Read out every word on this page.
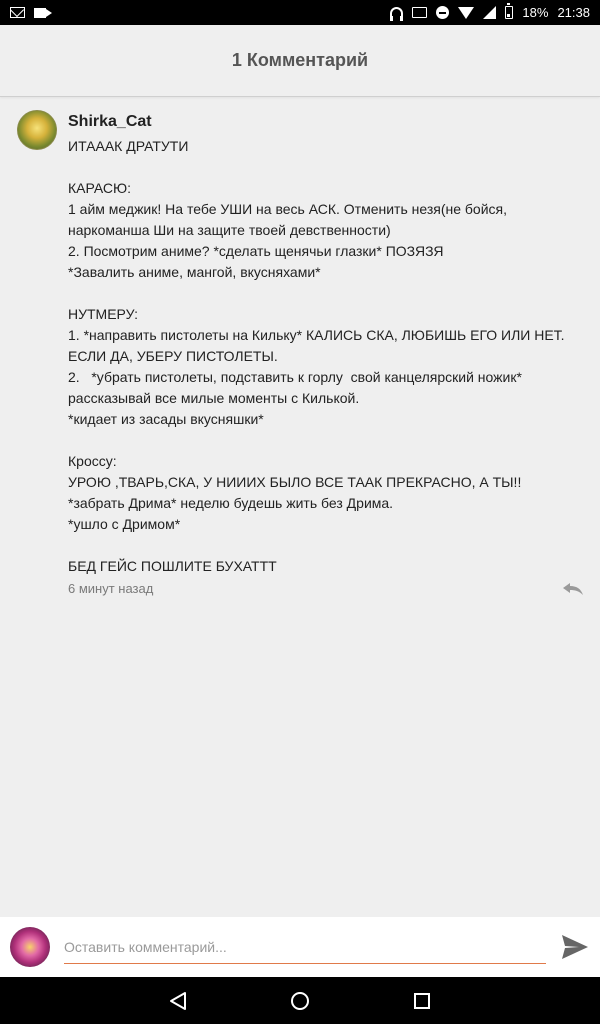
18% 21:38
1 Комментарий
Shirka_Cat
ИТАААК ДРАТУТИ

КАРАСЮ:
1 айм меджик! На тебе УШИ на весь АСК. Отменить незя(не бойся, наркоманша Ши на защите твоей девственности)
2. Посмотрим аниме? *сделать щенячьи глазки* ПОЗЯЗЯ
*Завалить аниме, мангой, вкусняхами*

НУТМЕРУ:
1. *направить пистолеты на Кильку* КАЛИСЬ СКА, ЛЮБИШЬ ЕГО ИЛИ НЕТ. ЕСЛИ ДА, УБЕРУ ПИСТОЛЕТЫ.
2.   *убрать пистолеты, подставить к горлу  свой канцелярский ножик* рассказывай все милые моменты с Килькой.
*кидает из засады вкусняшки*

Кроссу:
УРОЮ ,ТВАРЬ,СКА, У НИИИХ БЫЛО ВСЕ ТААК ПРЕКРАСНО, А ТЫ!!
*забрать Дрима* неделю будешь жить без Дрима.
*ушло с Дримом*

БЕД ГЕЙС ПОШЛИТЕ БУХАТТТ
6 минут назад
Оставить комментарий...
